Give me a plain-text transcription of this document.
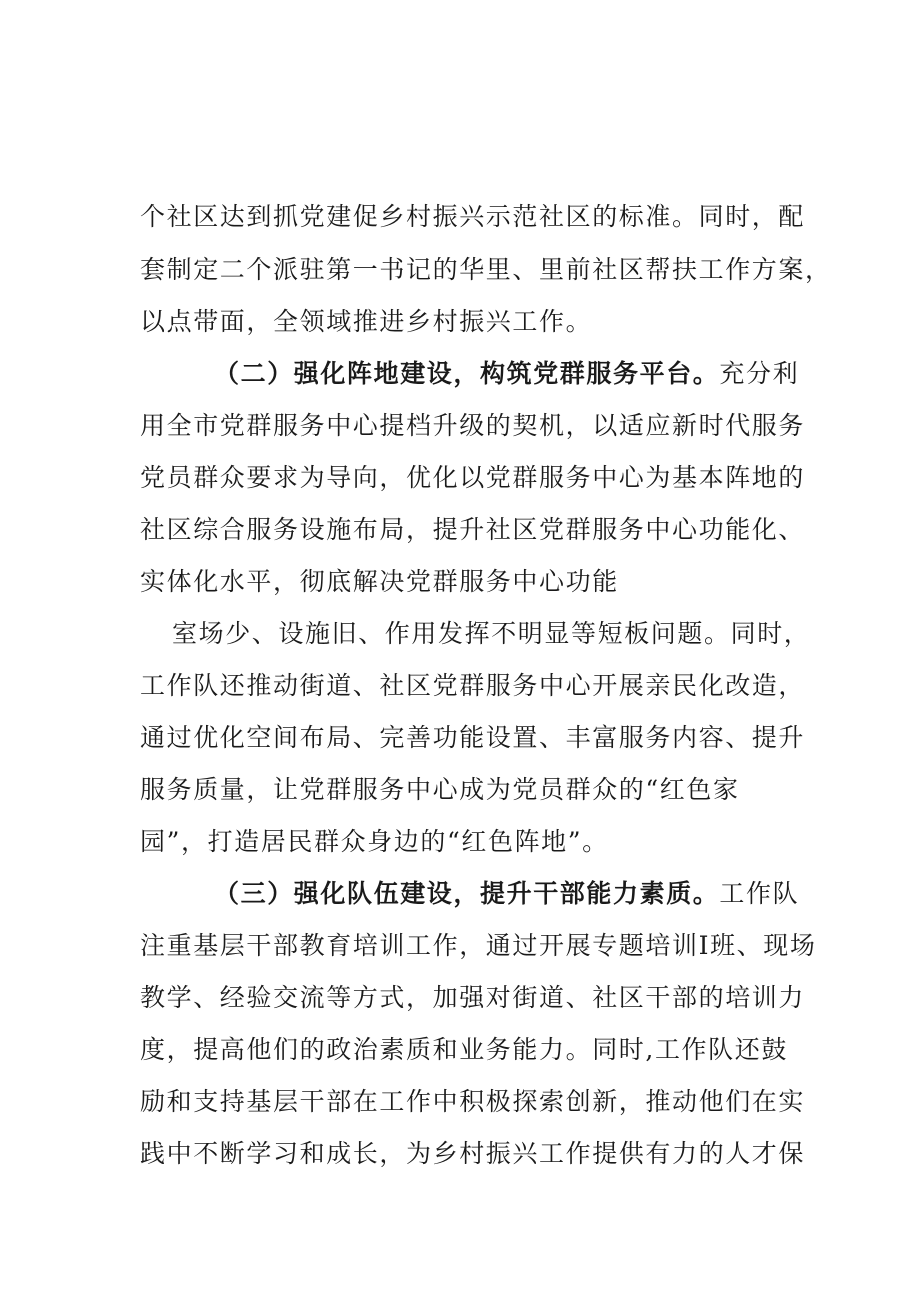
个社区达到抓党建促乡村振兴示范社区的标准。同时，配
套制定二个派驻第一书记的华里、里前社区帮扶工作方案，
以点带面，全领域推进乡村振兴工作。
（二）强化阵地建设，构筑党群服务平台。充分利
用全市党群服务中心提档升级的契机，以适应新时代服务
党员群众要求为导向，优化以党群服务中心为基本阵地的
社区综合服务设施布局，提升社区党群服务中心功能化、
实体化水平，彻底解决党群服务中心功能
室场少、设施旧、作用发挥不明显等短板问题。同时，
工作队还推动街道、社区党群服务中心开展亲民化改造，
通过优化空间布局、完善功能设置、丰富服务内容、提升
服务质量，让党群服务中心成为党员群众的“红色家
园”，打造居民群众身边的“红色阵地”。
（三）强化队伍建设，提升干部能力素质。工作队
注重基层干部教育培训工作，通过开展专题培训I班、现场
教学、经验交流等方式，加强对街道、社区干部的培训力
度，提高他们的政治素质和业务能力。同时,工作队还鼓
励和支持基层干部在工作中积极探索创新，推动他们在实
践中不断学习和成长，为乡村振兴工作提供有力的人才保
